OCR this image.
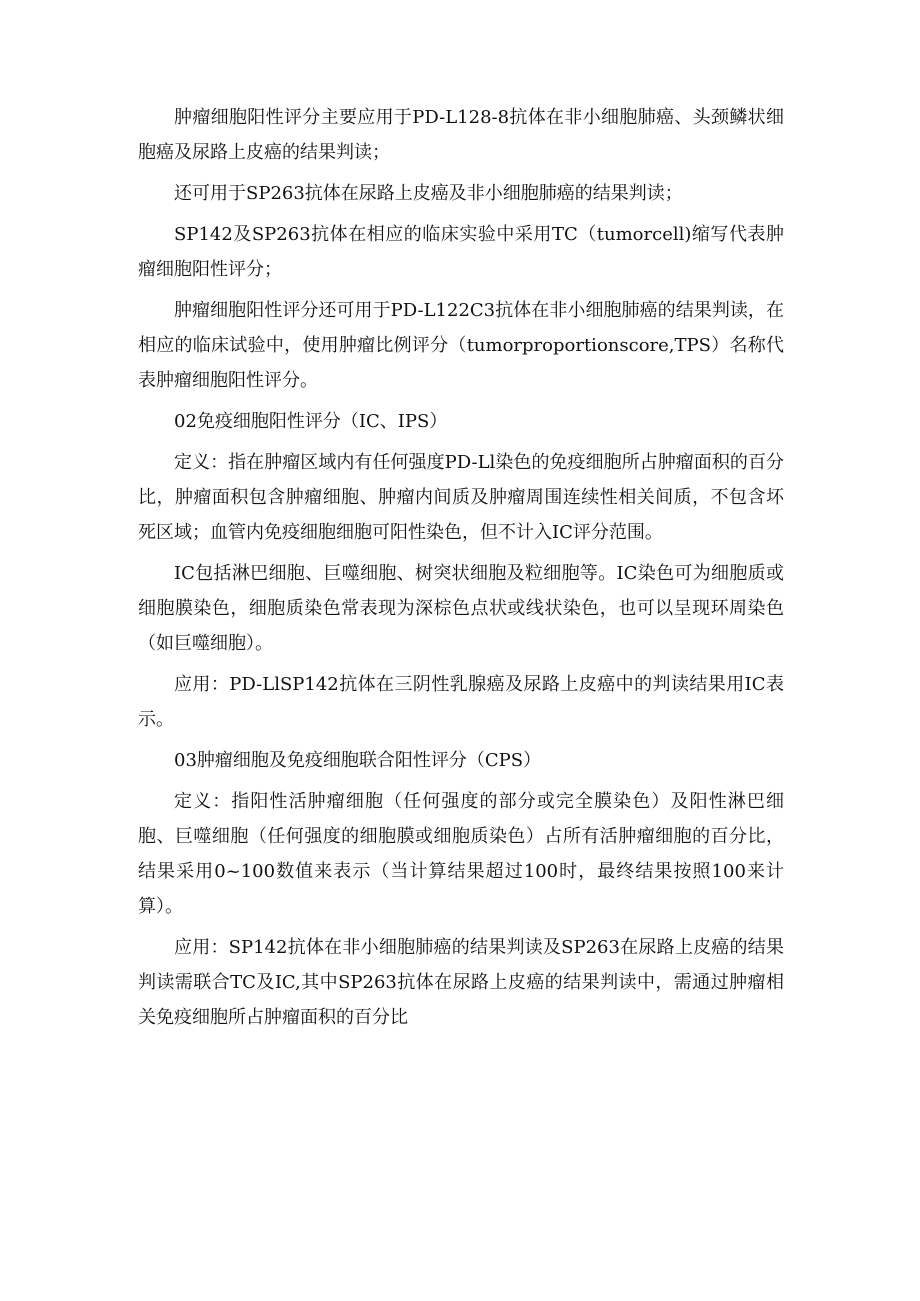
肿瘤细胞阳性评分主要应用于PD-L128-8抗体在非小细胞肺癌、头颈鳞状细胞癌及尿路上皮癌的结果判读；

还可用于SP263抗体在尿路上皮癌及非小细胞肺癌的结果判读；

SP142及SP263抗体在相应的临床实验中采用TC（tumorcell)缩写代表肿瘤细胞阳性评分；

肿瘤细胞阳性评分还可用于PD-L122C3抗体在非小细胞肺癌的结果判读，在相应的临床试验中，使用肿瘤比例评分（tumorproportionscore,TPS）名称代表肿瘤细胞阳性评分。

02免疫细胞阳性评分（IC、IPS）

定义：指在肿瘤区域内有任何强度PD-Ll染色的免疫细胞所占肿瘤面积的百分比，肿瘤面积包含肿瘤细胞、肿瘤内间质及肿瘤周围连续性相关间质，不包含坏死区域；血管内免疫细胞细胞可阳性染色，但不计入IC评分范围。

IC包括淋巴细胞、巨噬细胞、树突状细胞及粒细胞等。IC染色可为细胞质或细胞膜染色，细胞质染色常表现为深棕色点状或线状染色，也可以呈现环周染色（如巨噬细胞）。

应用：PD-LlSP142抗体在三阴性乳腺癌及尿路上皮癌中的判读结果用IC表示。

03肿瘤细胞及免疫细胞联合阳性评分（CPS）

定义：指阳性活肿瘤细胞（任何强度的部分或完全膜染色）及阳性淋巴细胞、巨噬细胞（任何强度的细胞膜或细胞质染色）占所有活肿瘤细胞的百分比，结果采用0~100数值来表示（当计算结果超过100时，最终结果按照100来计算）。

应用：SP142抗体在非小细胞肺癌的结果判读及SP263在尿路上皮癌的结果判读需联合TC及IC,其中SP263抗体在尿路上皮癌的结果判读中，需通过肿瘤相关免疫细胞所占肿瘤面积的百分比
